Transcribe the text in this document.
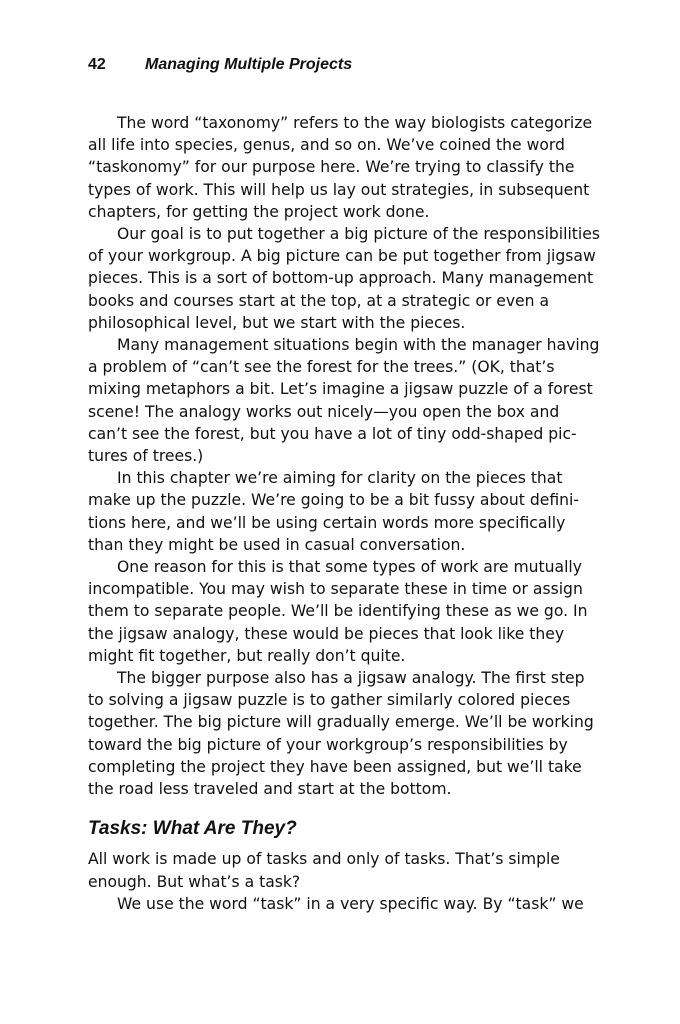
42 Managing Multiple Projects

The word “taxonomy” refers to the way biologists categorize all life into species, genus, and so on. We’ve coined the word “taskonomy” for our purpose here. We’re trying to classify the types of work. This will help us lay out strategies, in subsequent chapters, for getting the project work done.

Our goal is to put together a big picture of the responsibilities of your workgroup. A big picture can be put together from jigsaw pieces. This is a sort of bottom-up approach. Many management books and courses start at the top, at a strategic or even a philosophical level, but we start with the pieces.

Many management situations begin with the manager having a problem of “can’t see the forest for the trees.” (OK, that’s mixing metaphors a bit. Let’s imagine a jigsaw puzzle of a forest scene! The analogy works out nicely—you open the box and can’t see the forest, but you have a lot of tiny odd-shaped pictures of trees.)

In this chapter we’re aiming for clarity on the pieces that make up the puzzle. We’re going to be a bit fussy about definitions here, and we’ll be using certain words more specifically than they might be used in casual conversation.

One reason for this is that some types of work are mutually incompatible. You may wish to separate these in time or assign them to separate people. We’ll be identifying these as we go. In the jigsaw analogy, these would be pieces that look like they might fit together, but really don’t quite.

The bigger purpose also has a jigsaw analogy. The first step to solving a jigsaw puzzle is to gather similarly colored pieces together. The big picture will gradually emerge. We’ll be working toward the big picture of your workgroup’s responsibilities by completing the project they have been assigned, but we’ll take the road less traveled and start at the bottom.

Tasks: What Are They?

All work is made up of tasks and only of tasks. That’s simple enough. But what’s a task?

We use the word “task” in a very specific way. By “task” we
